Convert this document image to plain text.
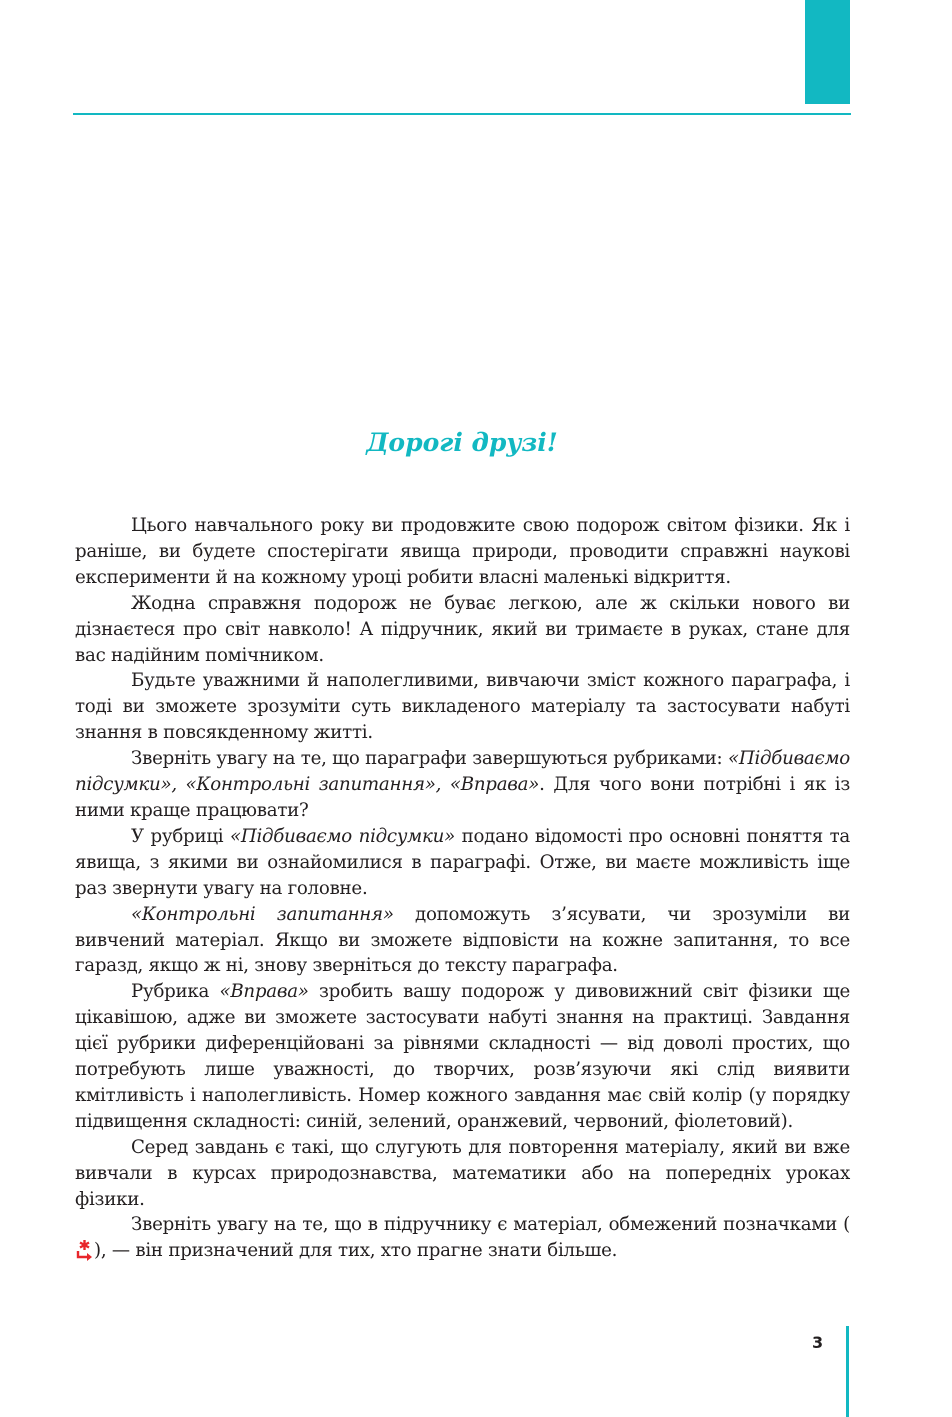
Дорогі друзі!

Цього навчального року ви продовжите свою подорож світом фізики. Як і раніше, ви будете спостерігати явища природи, проводити справжні наукові експерименти й на кожному уроці робити власні маленькі відкриття.

Жодна справжня подорож не буває легкою, але ж скільки нового ви дізнаєтеся про світ навколо! А підручник, який ви тримаєте в руках, стане для вас надійним помічником.

Будьте уважними й наполегливими, вивчаючи зміст кожного параграфа, і тоді ви зможете зрозуміти суть викладеного матеріалу та застосувати набуті знання в повсякденному житті.

Зверніть увагу на те, що параграфи завершуються рубриками: «Підбиваємо підсумки», «Контрольні запитання», «Вправа». Для чого вони потрібні і як із ними краще працювати?

У рубриці «Підбиваємо підсумки» подано відомості про основні поняття та явища, з якими ви ознайомилися в параграфі. Отже, ви маєте можливість іще раз звернути увагу на головне.

«Контрольні запитання» допоможуть з’ясувати, чи зрозуміли ви вивчений матеріал. Якщо ви зможете відповісти на кожне запитання, то все гаразд, якщо ж ні, знову зверніться до тексту параграфа.

Рубрика «Вправа» зробить вашу подорож у дивовижний світ фізики ще цікавішою, адже ви зможете застосувати набуті знання на практиці. Завдання цієї рубрики диференційовані за рівнями складності — від доволі простих, що потребують лише уважності, до творчих, розв’язуючи які слід виявити кмітливість і наполегливість. Номер кожного завдання має свій колір (у порядку підвищення складності: синій, зелений, оранжевий, червоний, фіолетовий).

Серед завдань є такі, що слугують для повторення матеріалу, який ви вже вивчали в курсах природознавства, математики або на попередніх уроках фізики.

Зверніть увагу на те, що в підручнику є матеріал, обмежений позначками (), — він призначений для тих, хто прагне знати більше.

3
